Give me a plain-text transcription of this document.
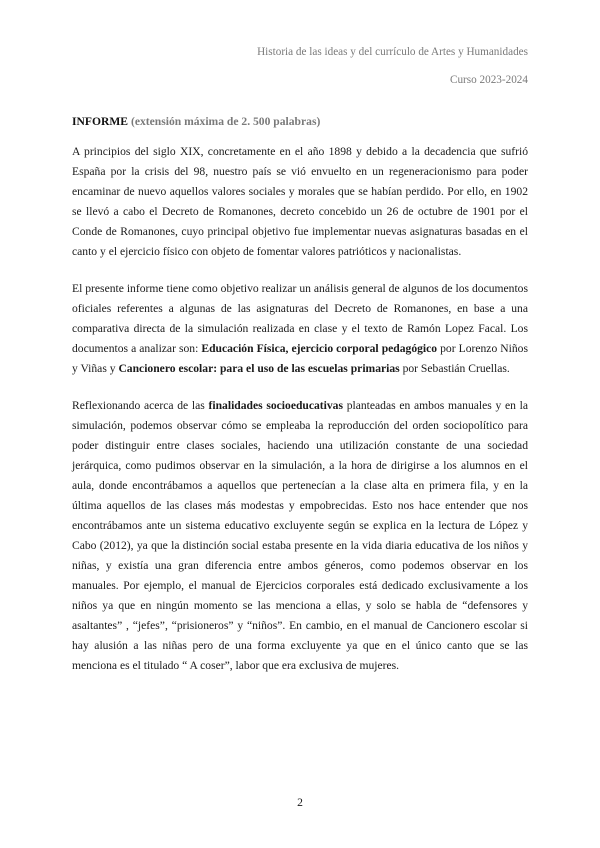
Historia de las ideas y del currículo de Artes y Humanidades
Curso 2023-2024
INFORME (extensión máxima de 2. 500 palabras)

A principios del siglo XIX, concretamente en el año 1898 y debido a la decadencia que sufrió España por la crisis del 98, nuestro país se vió envuelto en un regeneracionismo para poder encaminar de nuevo aquellos valores sociales y morales que se habían perdido. Por ello, en 1902 se llevó a cabo el Decreto de Romanones, decreto concebido un 26 de octubre de 1901 por el Conde de Romanones, cuyo principal objetivo fue implementar nuevas asignaturas basadas en el canto y el ejercicio físico con objeto de fomentar valores patrióticos y nacionalistas.

El presente informe tiene como objetivo realizar un análisis general de algunos de los documentos oficiales referentes a algunas de las asignaturas del Decreto de Romanones, en base a una comparativa directa de la simulación realizada en clase y el texto de Ramón Lopez Facal. Los documentos a analizar son: Educación Física, ejercicio corporal pedagógico por Lorenzo Niños y Viñas y Cancionero escolar: para el uso de las escuelas primarias por Sebastián Cruellas.

Reflexionando acerca de las finalidades socioeducativas planteadas en ambos manuales y en la simulación, podemos observar cómo se empleaba la reproducción del orden sociopolítico para poder distinguir entre clases sociales, haciendo una utilización constante de una sociedad jerárquica, como pudimos observar en la simulación, a la hora de dirigirse a los alumnos en el aula, donde encontrábamos a aquellos que pertenecían a la clase alta en primera fila, y en la última aquellos de las clases más modestas y empobrecidas. Esto nos hace entender que nos encontrábamos ante un sistema educativo excluyente según se explica en la lectura de López y Cabo (2012), ya que la distinción social estaba presente en la vida diaria educativa de los niños y niñas, y existía una gran diferencia entre ambos géneros, como podemos observar en los manuales. Por ejemplo, el manual de Ejercicios corporales está dedicado exclusivamente a los niños ya que en ningún momento se las menciona a ellas, y solo se habla de “defensores y asaltantes” , “jefes”, “prisioneros” y “niños”. En cambio, en el manual de Cancionero escolar si hay alusión a las niñas pero de una forma excluyente ya que en el único canto que se las menciona es el titulado “ A coser”, labor que era exclusiva de mujeres.

2
